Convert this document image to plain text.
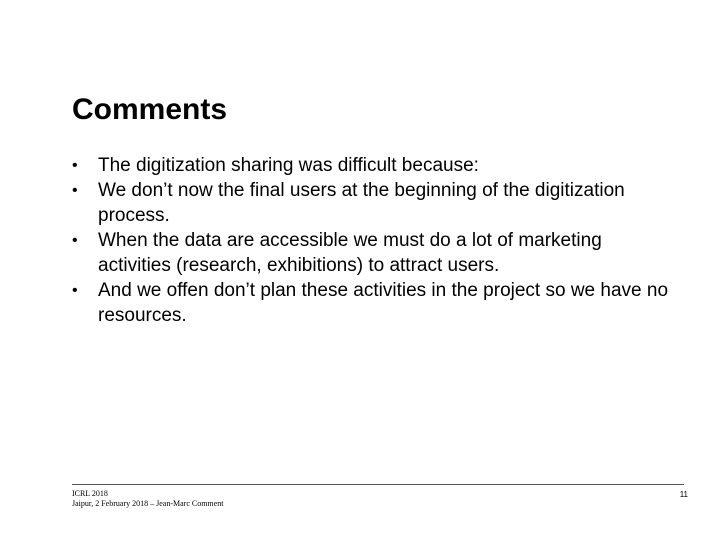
Comments
•	The digitization sharing was difficult because:
•	We don’t now the final users at the beginning of the digitization process.
•	When the data are accessible we must do a lot of marketing activities (research, exhibitions) to attract users.
•	And we offen don’t plan these activities in the project so we have no resources.
ICRL 2018
Jaipur, 2 February 2018 – Jean-Marc Comment
11
